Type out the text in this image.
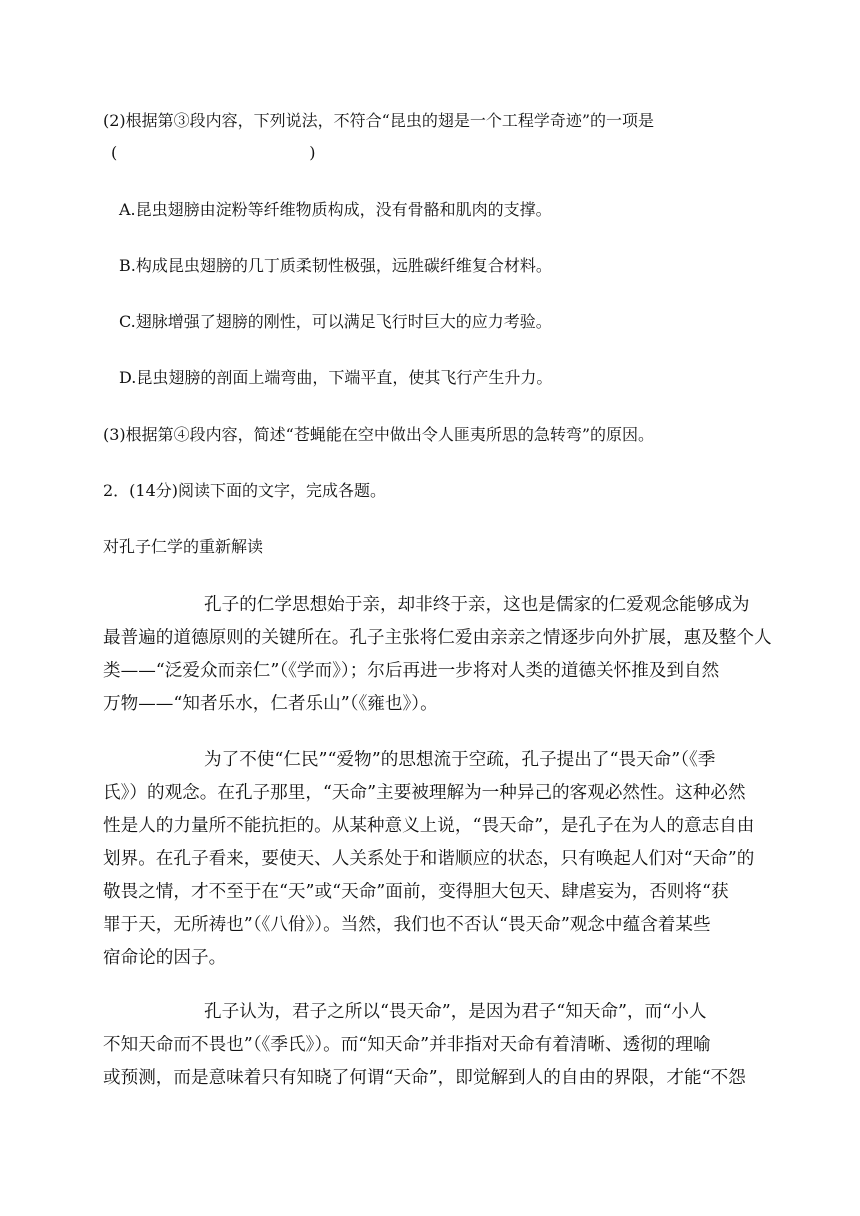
(2)根据第③段内容，下列说法，不符合“昆虫的翅是一个工程学奇迹”的一项是
(　　　　　　　　　　　　)
A.昆虫翅膀由淀粉等纤维物质构成，没有骨骼和肌肉的支撑。
B.构成昆虫翅膀的几丁质柔韧性极强，远胜碳纤维复合材料。
C.翅脉增强了翅膀的刚性，可以满足飞行时巨大的应力考验。
D.昆虫翅膀的剖面上端弯曲，下端平直，使其飞行产生升力。
(3)根据第④段内容，简述“苍蝇能在空中做出令人匪夷所思的急转弯”的原因。
2．(14分)阅读下面的文字，完成各题。
对孔子仁学的重新解读
孔子的仁学思想始于亲，却非终于亲，这也是儒家的仁爱观念能够成为
最普遍的道德原则的关键所在。孔子主张将仁爱由亲亲之情逐步向外扩展，惠及整个人
类——“泛爱众而亲仁”（《学而》）；尔后再进一步将对人类的道德关怀推及到自然
万物——“知者乐水，仁者乐山”（《雍也》）。
为了不使“仁民”“爱物”的思想流于空疏，孔子提出了“畏天命”（《季
氏》）的观念。在孔子那里，“天命”主要被理解为一种异己的客观必然性。这种必然
性是人的力量所不能抗拒的。从某种意义上说，“畏天命”，是孔子在为人的意志自由
划界。在孔子看来，要使天、人关系处于和谐顺应的状态，只有唤起人们对“天命”的
敬畏之情，才不至于在“天”或“天命”面前，变得胆大包天、肆虐妄为，否则将“获
罪于天，无所祷也”（《八佾》）。当然，我们也不否认“畏天命”观念中蕴含着某些
宿命论的因子。
孔子认为，君子之所以“畏天命”，是因为君子“知天命”，而“小人
不知天命而不畏也”（《季氏》）。而“知天命”并非指对天命有着清晰、透彻的理喻
或预测，而是意味着只有知晓了何谓“天命”，即觉解到人的自由的界限，才能“不怨
